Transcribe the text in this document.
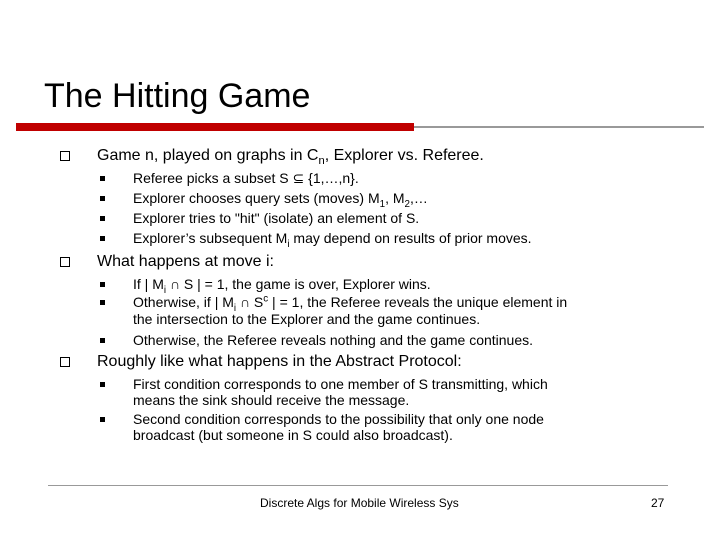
The Hitting Game
Game n, played on graphs in $C_n$, Explorer vs. Referee.
Referee picks a subset S ⊆ {1,…,n}.
Explorer chooses query sets (moves) $M_1$, $M_2,\dots$
Explorer tries to "hit" (isolate) an element of S.
Explorer’s subsequent $M_i$ may depend on results of prior moves.
What happens at move i:
If | $M_i$ ∩ S | = 1, the game is over, Explorer wins.
Otherwise, if | $M_i$ ∩ $S^c$ | = 1, the Referee reveals the unique element in
the intersection to the Explorer and the game continues.
Otherwise, the Referee reveals nothing and the game continues.
Roughly like what happens in the Abstract Protocol:
First condition corresponds to one member of S transmitting, which
means the sink should receive the message.
Second condition corresponds to the possibility that only one node
broadcast (but someone in S could also broadcast).
Discrete Algs for Mobile Wireless Sys	27
